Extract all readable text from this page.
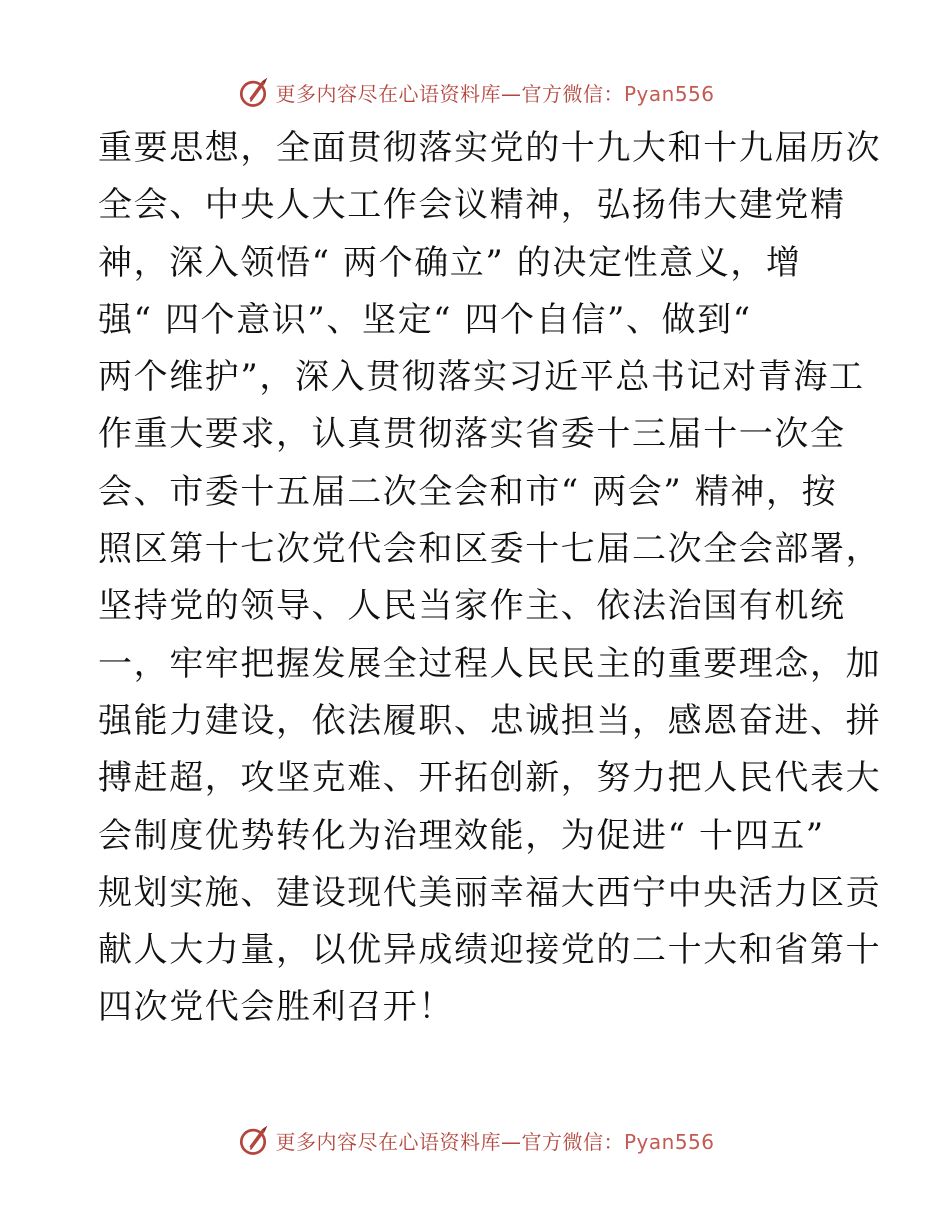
更多内容尽在心语资料库—官方微信：Pyan556
重要思想，全面贯彻落实党的十九大和十九届历次
全会、中央人大工作会议精神，弘扬伟大建党精
神，深入领悟“ 两个确立” 的决定性意义，增
强“ 四个意识”、坚定“ 四个自信”、做到“
两个维护”，深入贯彻落实习近平总书记对青海工
作重大要求，认真贯彻落实省委十三届十一次全
会、市委十五届二次全会和市“ 两会” 精神，按
照区第十七次党代会和区委十七届二次全会部署，
坚持党的领导、人民当家作主、依法治国有机统
一，牢牢把握发展全过程人民民主的重要理念，加
强能力建设，依法履职、忠诚担当，感恩奋进、拼
搏赶超，攻坚克难、开拓创新，努力把人民代表大
会制度优势转化为治理效能，为促进“ 十四五”
规划实施、建设现代美丽幸福大西宁中央活力区贡
献人大力量，以优异成绩迎接党的二十大和省第十
四次党代会胜利召开！
更多内容尽在心语资料库—官方微信：Pyan556
